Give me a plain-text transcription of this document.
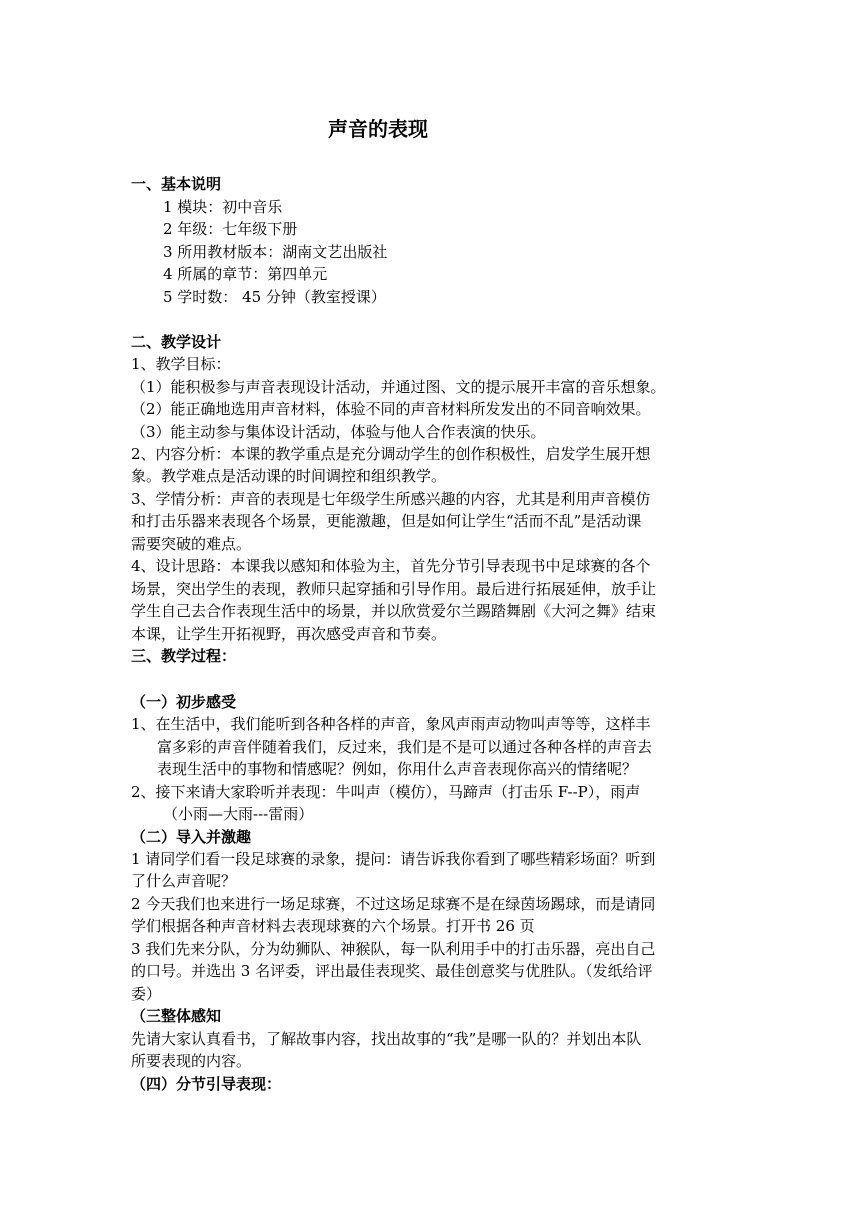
声音的表现
一、基本说明
1 模块：初中音乐
2 年级：七年级下册
3 所用教材版本：湖南文艺出版社
4 所属的章节：第四单元
5 学时数： 45 分钟（教室授课）
二、教学设计
1、教学目标：
（1）能积极参与声音表现设计活动，并通过图、文的提示展开丰富的音乐想象。
（2）能正确地选用声音材料，体验不同的声音材料所发发出的不同音响效果。
（3）能主动参与集体设计活动，体验与他人合作表演的快乐。
2、内容分析：本课的教学重点是充分调动学生的创作积极性，启发学生展开想
象。教学难点是活动课的时间调控和组织教学。
3、学情分析：声音的表现是七年级学生所感兴趣的内容，尤其是利用声音模仿
和打击乐器来表现各个场景，更能激趣，但是如何让学生“活而不乱”是活动课
需要突破的难点。
4、设计思路：本课我以感知和体验为主，首先分节引导表现书中足球赛的各个
场景，突出学生的表现，教师只起穿插和引导作用。最后进行拓展延伸，放手让
学生自己去合作表现生活中的场景，并以欣赏爱尔兰踢踏舞剧《大河之舞》结束
本课，让学生开拓视野，再次感受声音和节奏。
三、教学过程：
（一）初步感受
1、在生活中，我们能听到各种各样的声音，象风声雨声动物叫声等等，这样丰
富多彩的声音伴随着我们，反过来，我们是不是可以通过各种各样的声音去
表现生活中的事物和情感呢？例如，你用什么声音表现你高兴的情绪呢？
2、接下来请大家聆听并表现：牛叫声（模仿），马蹄声（打击乐 F--P），雨声
（小雨—大雨---雷雨）
（二）导入并激趣
1 请同学们看一段足球赛的录象，提问：请告诉我你看到了哪些精彩场面？听到
了什么声音呢？
2 今天我们也来进行一场足球赛，不过这场足球赛不是在绿茵场踢球，而是请同
学们根据各种声音材料去表现球赛的六个场景。打开书 26 页
3 我们先来分队，分为幼狮队、神猴队，每一队利用手中的打击乐器，亮出自己
的口号。并选出 3 名评委，评出最佳表现奖、最佳创意奖与优胜队。（发纸给评
委）
（三整体感知
先请大家认真看书，了解故事内容，找出故事的“我”是哪一队的？并划出本队
所要表现的内容。
（四）分节引导表现：
